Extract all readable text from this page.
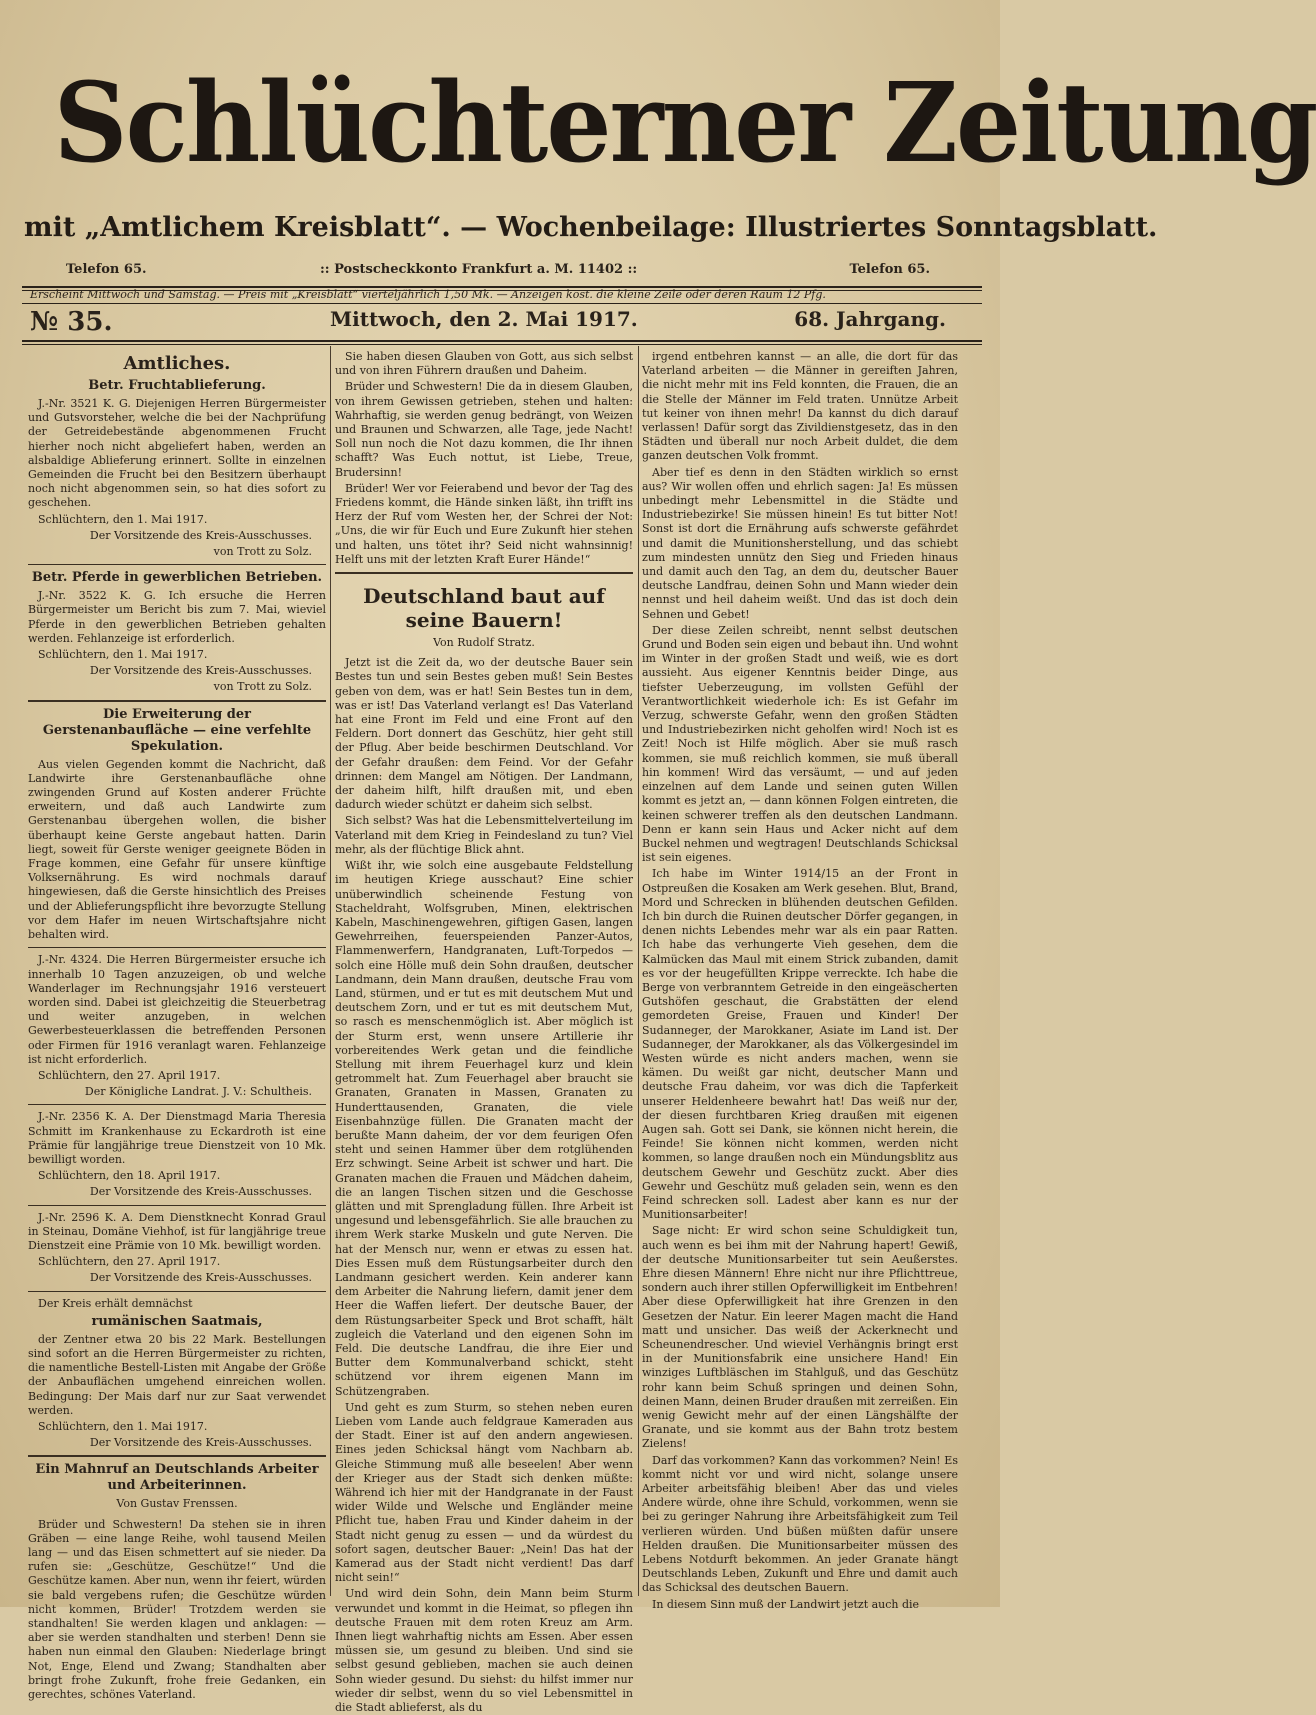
Schlüchterner Zeitung
mit „Amtlichem Kreisblatt“. — Wochenbeilage: Illustriertes Sonntagsblatt.
Telefon 65.	:: Postscheckkonto Frankfurt a. M. 11402 ::	Telefon 65.
Erscheint Mittwoch und Samstag. — Preis mit „Kreisblatt“ vierteljährlich 1,50 Mk. — Anzeigen kost. die kleine Zeile oder deren Raum 12 Pfg.
№ 35.	Mittwoch, den 2. Mai 1917.	68. Jahrgang.
Amtliches.
Betr. Fruchtablieferung.

J.-Nr. 3521 K. G. Diejenigen Herren Bürgermeister und Gutsvorsteher, welche die bei der Nachprüfung der Getreidebestände abgenommenen Frucht hierher noch nicht abgeliefert haben, werden an alsbaldige Ablieferung erinnert. Sollte in einzelnen Gemeinden die Frucht bei den Besitzern überhaupt noch nicht abgenommen sein, so hat dies sofort zu geschehen.

Schlüchtern, den 1. Mai 1917.

Der Vorsitzende des Kreis-Ausschusses.

von Trott zu Solz.

Betr. Pferde in gewerblichen Betrieben.

J.-Nr. 3522 K. G. Ich ersuche die Herren Bürgermeister um Bericht bis zum 7. Mai, wieviel Pferde in den gewerblichen Betrieben gehalten werden. Fehlanzeige ist erforderlich.

Schlüchtern, den 1. Mai 1917.

Der Vorsitzende des Kreis-Ausschusses.

von Trott zu Solz.

Die Erweiterung der Gerstenanbaufläche — eine verfehlte Spekulation.

Aus vielen Gegenden kommt die Nachricht, daß Landwirte ihre Gerstenanbaufläche ohne zwingenden Grund auf Kosten anderer Früchte erweitern, und daß auch Landwirte zum Gerstenanbau übergehen wollen, die bisher überhaupt keine Gerste angebaut hatten. Darin liegt, soweit für Gerste weniger geeignete Böden in Frage kommen, eine Gefahr für unsere künftige Volksernährung. Es wird nochmals darauf hingewiesen, daß die Gerste hinsichtlich des Preises und der Ablieferungspflicht ihre bevorzugte Stellung vor dem Hafer im neuen Wirtschaftsjahre nicht behalten wird.

J.-Nr. 4324. Die Herren Bürgermeister ersuche ich innerhalb 10 Tagen anzuzeigen, ob und welche Wanderlager im Rechnungsjahr 1916 versteuert worden sind. Dabei ist gleichzeitig die Steuerbetrag und weiter anzugeben, in welchen Gewerbesteuerklassen die betreffenden Personen oder Firmen für 1916 veranlagt waren. Fehlanzeige ist nicht erforderlich.

Schlüchtern, den 27. April 1917.

Der Königliche Landrat. J. V.: Schultheis.

J.-Nr. 2356 K. A. Der Dienstmagd Maria Theresia Schmitt im Krankenhause zu Eckardroth ist eine Prämie für langjährige treue Dienstzeit von 10 Mk. bewilligt worden.

Schlüchtern, den 18. April 1917.

Der Vorsitzende des Kreis-Ausschusses.

J.-Nr. 2596 K. A. Dem Dienstknecht Konrad Graul in Steinau, Domäne Viehhof, ist für langjährige treue Dienstzeit eine Prämie von 10 Mk. bewilligt worden.

Schlüchtern, den 27. April 1917.

Der Vorsitzende des Kreis-Ausschusses.

Der Kreis erhält demnächst

rumänischen Saatmais,

der Zentner etwa 20 bis 22 Mark. Bestellungen sind sofort an die Herren Bürgermeister zu richten, die namentliche Bestell-Listen mit Angabe der Größe der Anbauflächen umgehend einreichen wollen. Bedingung: Der Mais darf nur zur Saat verwendet werden.

Schlüchtern, den 1. Mai 1917.

Der Vorsitzende des Kreis-Ausschusses.

Ein Mahnruf an Deutschlands Arbeiter und Arbeiterinnen.
Von Gustav Frenssen.

Brüder und Schwestern! Da stehen sie in ihren Gräben — eine lange Reihe, wohl tausend Meilen lang — und das Eisen schmettert auf sie nieder. Da rufen sie: „Geschütze, Geschütze!“ Und die Geschütze kamen. Aber nun, wenn ihr feiert, würden sie bald vergebens rufen; die Geschütze würden nicht kommen, Brüder! Trotzdem werden sie standhalten! Sie werden klagen und anklagen: — aber sie werden standhalten und sterben! Denn sie haben nun einmal den Glauben: Niederlage bringt Not, Enge, Elend und Zwang; Standhalten aber bringt frohe Zukunft, frohe freie Gedanken, ein gerechtes, schönes Vaterland.

Sie haben diesen Glauben von Gott, aus sich selbst und von ihren Führern draußen und Daheim.

Brüder und Schwestern! Die da in diesem Glauben, von ihrem Gewissen getrieben, stehen und halten: Wahrhaftig, sie werden genug bedrängt, von Weizen und Braunen und Schwarzen, alle Tage, jede Nacht! Soll nun noch die Not dazu kommen, die Ihr ihnen schafft? Was Euch nottut, ist Liebe, Treue, Brudersinn!

Brüder! Wer vor Feierabend und bevor der Tag des Friedens kommt, die Hände sinken läßt, ihn trifft ins Herz der Ruf vom Westen her, der Schrei der Not: „Uns, die wir für Euch und Eure Zukunft hier stehen und halten, uns tötet ihr? Seid nicht wahnsinnig! Helft uns mit der letzten Kraft Eurer Hände!“

Deutschland baut auf seine Bauern!
Von Rudolf Stratz.

Jetzt ist die Zeit da, wo der deutsche Bauer sein Bestes tun und sein Bestes geben muß! Sein Bestes geben von dem, was er hat! Sein Bestes tun in dem, was er ist! Das Vaterland verlangt es! Das Vaterland hat eine Front im Feld und eine Front auf den Feldern. Dort donnert das Geschütz, hier geht still der Pflug. Aber beide beschirmen Deutschland. Vor der Gefahr draußen: dem Feind. Vor der Gefahr drinnen: dem Mangel am Nötigen. Der Landmann, der daheim hilft, hilft draußen mit, und eben dadurch wieder schützt er daheim sich selbst.

Sich selbst? Was hat die Lebensmittelverteilung im Vaterland mit dem Krieg in Feindesland zu tun? Viel mehr, als der flüchtige Blick ahnt.

Wißt ihr, wie solch eine ausgebaute Feldstellung im heutigen Kriege ausschaut? Eine schier unüberwindlich scheinende Festung von Stacheldraht, Wolfsgruben, Minen, elektrischen Kabeln, Maschinengewehren, giftigen Gasen, langen Gewehrreihen, feuerspeienden Panzer-Autos, Flammenwerfern, Handgranaten, Luft-Torpedos — solch eine Hölle muß dein Sohn draußen, deutscher Landmann, dein Mann draußen, deutsche Frau vom Land, stürmen, und er tut es mit deutschem Mut und deutschem Zorn, und er tut es mit deutschem Mut, so rasch es menschenmöglich ist. Aber möglich ist der Sturm erst, wenn unsere Artillerie ihr vorbereitendes Werk getan und die feindliche Stellung mit ihrem Feuerhagel kurz und klein getrommelt hat. Zum Feuerhagel aber braucht sie Granaten, Granaten in Massen, Granaten zu Hunderttausenden, Granaten, die viele Eisenbahnzüge füllen. Die Granaten macht der berußte Mann daheim, der vor dem feurigen Ofen steht und seinen Hammer über dem rotglühenden Erz schwingt. Seine Arbeit ist schwer und hart. Die Granaten machen die Frauen und Mädchen daheim, die an langen Tischen sitzen und die Geschosse glätten und mit Sprengladung füllen. Ihre Arbeit ist ungesund und lebensgefährlich. Sie alle brauchen zu ihrem Werk starke Muskeln und gute Nerven. Die hat der Mensch nur, wenn er etwas zu essen hat. Dies Essen muß dem Rüstungsarbeiter durch den Landmann gesichert werden. Kein anderer kann dem Arbeiter die Nahrung liefern, damit jener dem Heer die Waffen liefert. Der deutsche Bauer, der dem Rüstungsarbeiter Speck und Brot schafft, hält zugleich die Vaterland und den eigenen Sohn im Feld. Die deutsche Landfrau, die ihre Eier und Butter dem Kommunalverband schickt, steht schützend vor ihrem eigenen Mann im Schützengraben.

Und geht es zum Sturm, so stehen neben euren Lieben vom Lande auch feldgraue Kameraden aus der Stadt. Einer ist auf den andern angewiesen. Eines jeden Schicksal hängt vom Nachbarn ab. Gleiche Stimmung muß alle beseelen! Aber wenn der Krieger aus der Stadt sich denken müßte: Während ich hier mit der Handgranate in der Faust wider Wilde und Welsche und Engländer meine Pflicht tue, haben Frau und Kinder daheim in der Stadt nicht genug zu essen — und da würdest du sofort sagen, deutscher Bauer: „Nein! Das hat der Kamerad aus der Stadt nicht verdient! Das darf nicht sein!“

Und wird dein Sohn, dein Mann beim Sturm verwundet und kommt in die Heimat, so pflegen ihn deutsche Frauen mit dem roten Kreuz am Arm. Ihnen liegt wahrhaftig nichts am Essen. Aber essen müssen sie, um gesund zu bleiben. Und sind sie selbst gesund geblieben, machen sie auch deinen Sohn wieder gesund. Du siehst: du hilfst immer nur wieder dir selbst, wenn du so viel Lebensmittel in die Stadt ablieferst, als du

irgend entbehren kannst — an alle, die dort für das Vaterland arbeiten — die Männer in gereiften Jahren, die nicht mehr mit ins Feld konnten, die Frauen, die an die Stelle der Männer im Feld traten. Unnütze Arbeit tut keiner von ihnen mehr! Da kannst du dich darauf verlassen! Dafür sorgt das Zivildienstgesetz, das in den Städten und überall nur noch Arbeit duldet, die dem ganzen deutschen Volk frommt.

Aber tief es denn in den Städten wirklich so ernst aus? Wir wollen offen und ehrlich sagen: Ja! Es müssen unbedingt mehr Lebensmittel in die Städte und Industriebezirke! Sie müssen hinein! Es tut bitter Not! Sonst ist dort die Ernährung aufs schwerste gefährdet und damit die Munitionsherstellung, und das schiebt zum mindesten unnütz den Sieg und Frieden hinaus und damit auch den Tag, an dem du, deutscher Bauer deutsche Landfrau, deinen Sohn und Mann wieder dein nennst und heil daheim weißt. Und das ist doch dein Sehnen und Gebet!

Der diese Zeilen schreibt, nennt selbst deutschen Grund und Boden sein eigen und bebaut ihn. Und wohnt im Winter in der großen Stadt und weiß, wie es dort aussieht. Aus eigener Kenntnis beider Dinge, aus tiefster Ueberzeugung, im vollsten Gefühl der Verantwortlichkeit wiederhole ich: Es ist Gefahr im Verzug, schwerste Gefahr, wenn den großen Städten und Industriebezirken nicht geholfen wird! Noch ist es Zeit! Noch ist Hilfe möglich. Aber sie muß rasch kommen, sie muß reichlich kommen, sie muß überall hin kommen! Wird das versäumt, — und auf jeden einzelnen auf dem Lande und seinen guten Willen kommt es jetzt an, — dann können Folgen eintreten, die keinen schwerer treffen als den deutschen Landmann. Denn er kann sein Haus und Acker nicht auf dem Buckel nehmen und wegtragen! Deutschlands Schicksal ist sein eigenes.

Ich habe im Winter 1914/15 an der Front in Ostpreußen die Kosaken am Werk gesehen. Blut, Brand, Mord und Schrecken in blühenden deutschen Gefilden. Ich bin durch die Ruinen deutscher Dörfer gegangen, in denen nichts Lebendes mehr war als ein paar Ratten. Ich habe das verhungerte Vieh gesehen, dem die Kalmücken das Maul mit einem Strick zubanden, damit es vor der heugefüllten Krippe verreckte. Ich habe die Berge von verbranntem Getreide in den eingeäscherten Gutshöfen geschaut, die Grabstätten der elend gemordeten Greise, Frauen und Kinder! Der Sudanneger, der Marokkaner, Asiate im Land ist. Der Sudanneger, der Marokkaner, als das Völkergesindel im Westen würde es nicht anders machen, wenn sie kämen. Du weißt gar nicht, deutscher Mann und deutsche Frau daheim, vor was dich die Tapferkeit unserer Heldenheere bewahrt hat! Das weiß nur der, der diesen furchtbaren Krieg draußen mit eigenen Augen sah. Gott sei Dank, sie können nicht herein, die Feinde! Sie können nicht kommen, werden nicht kommen, so lange draußen noch ein Mündungsblitz aus deutschem Gewehr und Geschütz zuckt. Aber dies Gewehr und Geschütz muß geladen sein, wenn es den Feind schrecken soll. Ladest aber kann es nur der Munitionsarbeiter!

Sage nicht: Er wird schon seine Schuldigkeit tun, auch wenn es bei ihm mit der Nahrung hapert! Gewiß, der deutsche Munitionsarbeiter tut sein Aeußerstes. Ehre diesen Männern! Ehre nicht nur ihre Pflichttreue, sondern auch ihrer stillen Opferwilligkeit im Entbehren! Aber diese Opferwilligkeit hat ihre Grenzen in den Gesetzen der Natur. Ein leerer Magen macht die Hand matt und unsicher. Das weiß der Ackerknecht und Scheunendrescher. Und wieviel Verhängnis bringt erst in der Munitionsfabrik eine unsichere Hand! Ein winziges Luftbläschen im Stahlguß, und das Geschütz rohr kann beim Schuß springen und deinen Sohn, deinen Mann, deinen Bruder draußen mit zerreißen. Ein wenig Gewicht mehr auf der einen Längshälfte der Granate, und sie kommt aus der Bahn trotz bestem Zielens!

Darf das vorkommen? Kann das vorkommen? Nein! Es kommt nicht vor und wird nicht, solange unsere Arbeiter arbeitsfähig bleiben! Aber das und vieles Andere würde, ohne ihre Schuld, vorkommen, wenn sie bei zu geringer Nahrung ihre Arbeitsfähigkeit zum Teil verlieren würden. Und büßen müßten dafür unsere Helden draußen. Die Munitionsarbeiter müssen des Lebens Notdurft bekommen. An jeder Granate hängt Deutschlands Leben, Zukunft und Ehre und damit auch das Schicksal des deutschen Bauern.

In diesem Sinn muß der Landwirt jetzt auch die
